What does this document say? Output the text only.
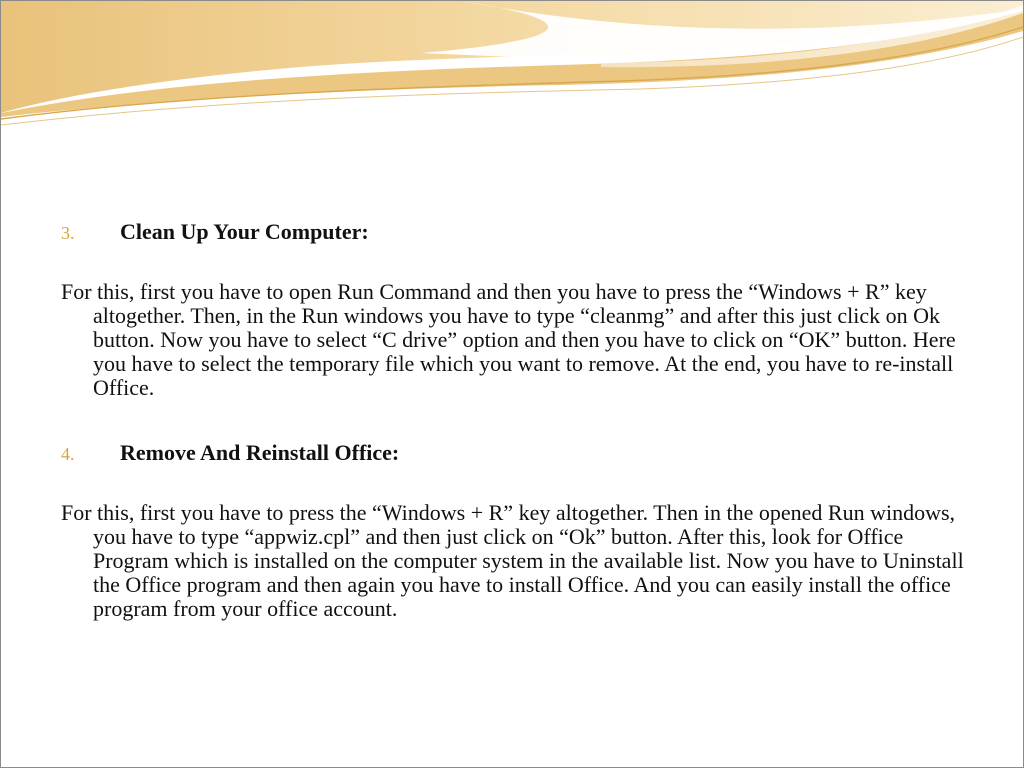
3.	Clean Up Your Computer:

For this, first you have to open Run Command and then you have to press the “Windows + R” key altogether. Then, in the Run windows you have to type “cleanmg” and after this just click on Ok button. Now you have to select “C drive” option and then you have to click on “OK” button. Here you have to select the temporary file which you want to remove. At the end, you have to re-install Office.

4.	Remove And Reinstall Office:

For this, first you have to press the “Windows + R” key altogether. Then in the opened Run windows, you have to type “appwiz.cpl” and then just click on “Ok” button. After this, look for Office Program which is installed on the computer system in the available list. Now you have to Uninstall the Office program and then again you have to install Office. And you can easily install the office program from your office account.
